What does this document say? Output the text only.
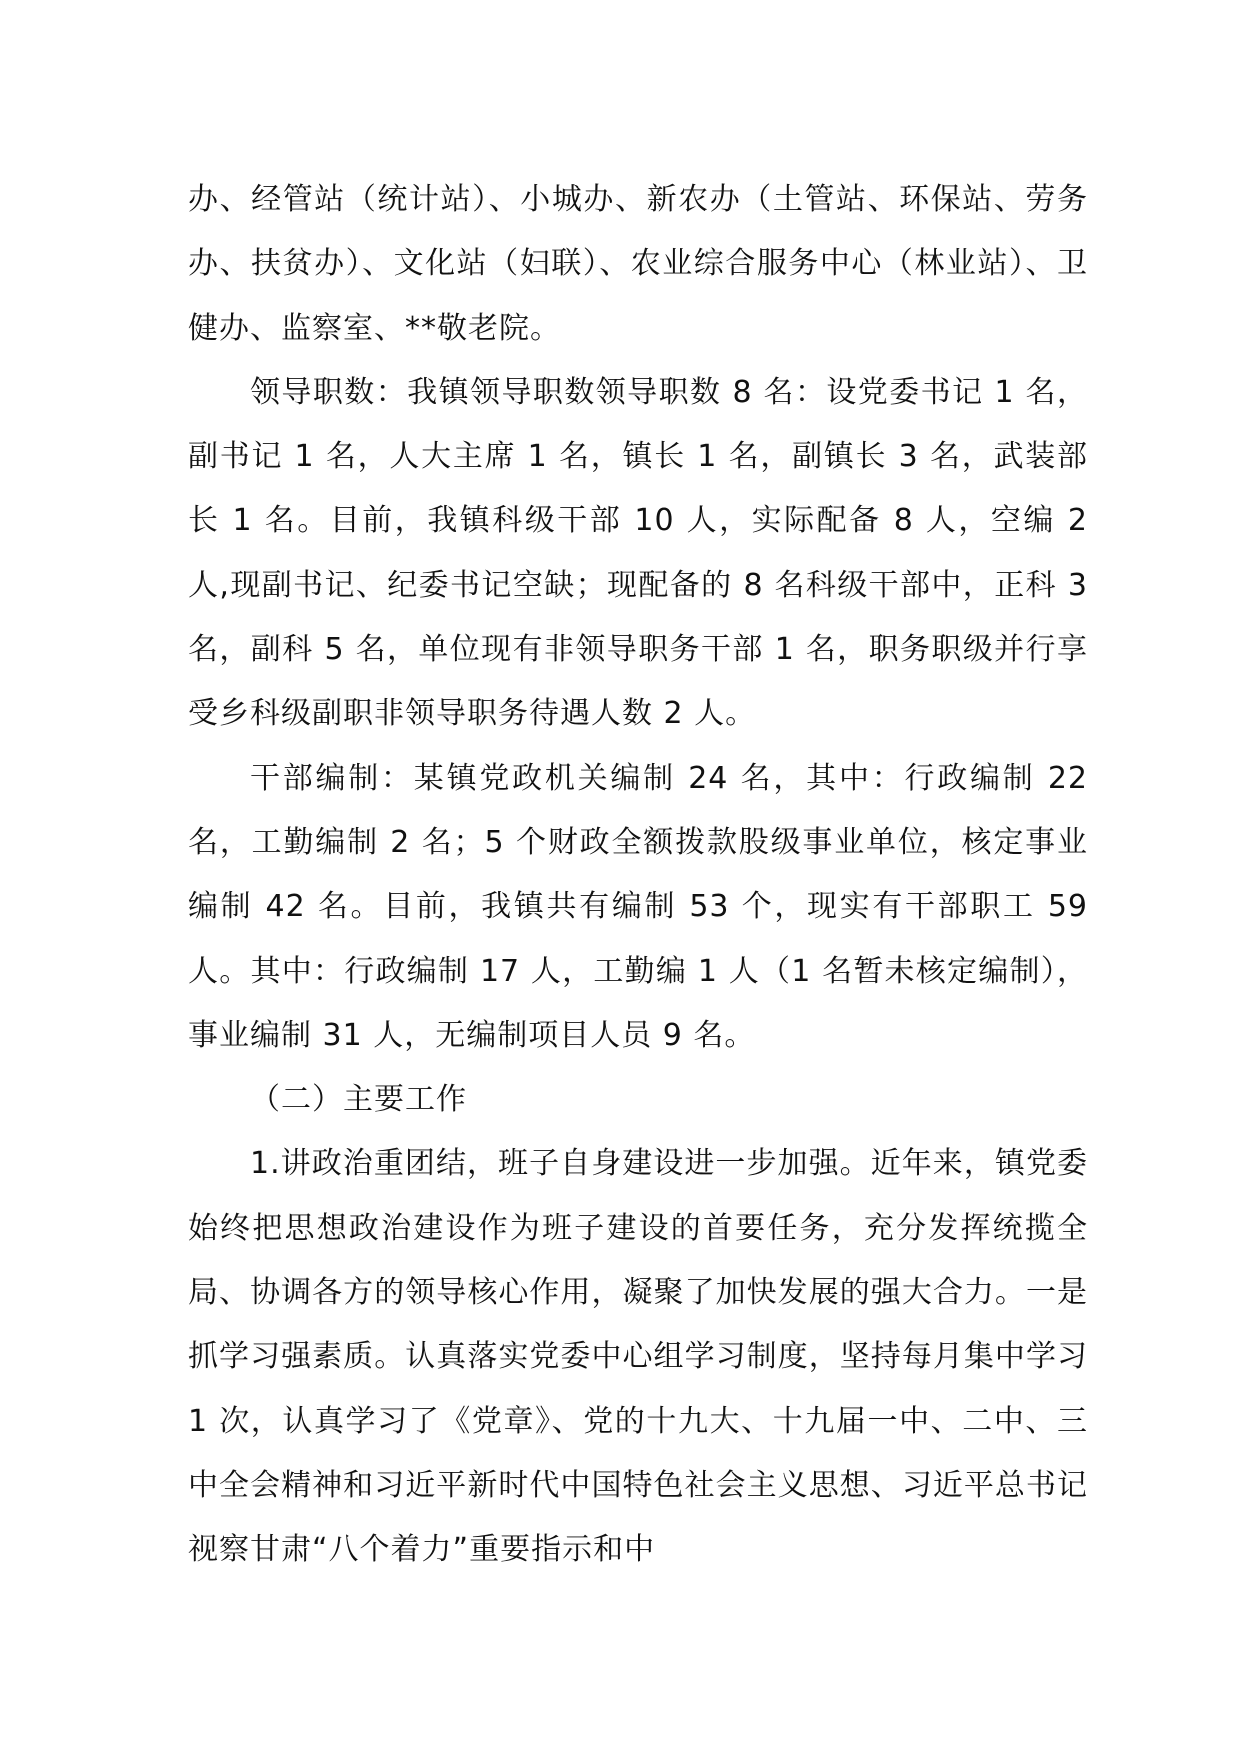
办、经管站（统计站）、小城办、新农办（土管站、环保站、劳务办、扶贫办）、文化站（妇联）、农业综合服务中心（林业站）、卫健办、监察室、**敬老院。

领导职数：我镇领导职数领导职数 8 名：设党委书记 1 名，副书记 1 名，人大主席 1 名，镇长 1 名，副镇长 3 名，武装部长 1 名。目前，我镇科级干部 10 人，实际配备 8 人，空编 2 人,现副书记、纪委书记空缺；现配备的 8 名科级干部中，正科 3 名，副科 5 名，单位现有非领导职务干部 1 名，职务职级并行享受乡科级副职非领导职务待遇人数 2 人。

干部编制：某镇党政机关编制 24 名，其中：行政编制 22 名，工勤编制 2 名；5 个财政全额拨款股级事业单位，核定事业编制 42 名。目前，我镇共有编制 53 个，现实有干部职工 59 人。其中：行政编制 17 人，工勤编 1 人（1 名暂未核定编制），事业编制 31 人，无编制项目人员 9 名。

（二）主要工作

1.讲政治重团结，班子自身建设进一步加强。近年来，镇党委始终把思想政治建设作为班子建设的首要任务，充分发挥统揽全局、协调各方的领导核心作用，凝聚了加快发展的强大合力。一是抓学习强素质。认真落实党委中心组学习制度，坚持每月集中学习 1 次，认真学习了《党章》、党的十九大、十九届一中、二中、三中全会精神和习近平新时代中国特色社会主义思想、习近平总书记视察甘肃“八个着力”重要指示和中
